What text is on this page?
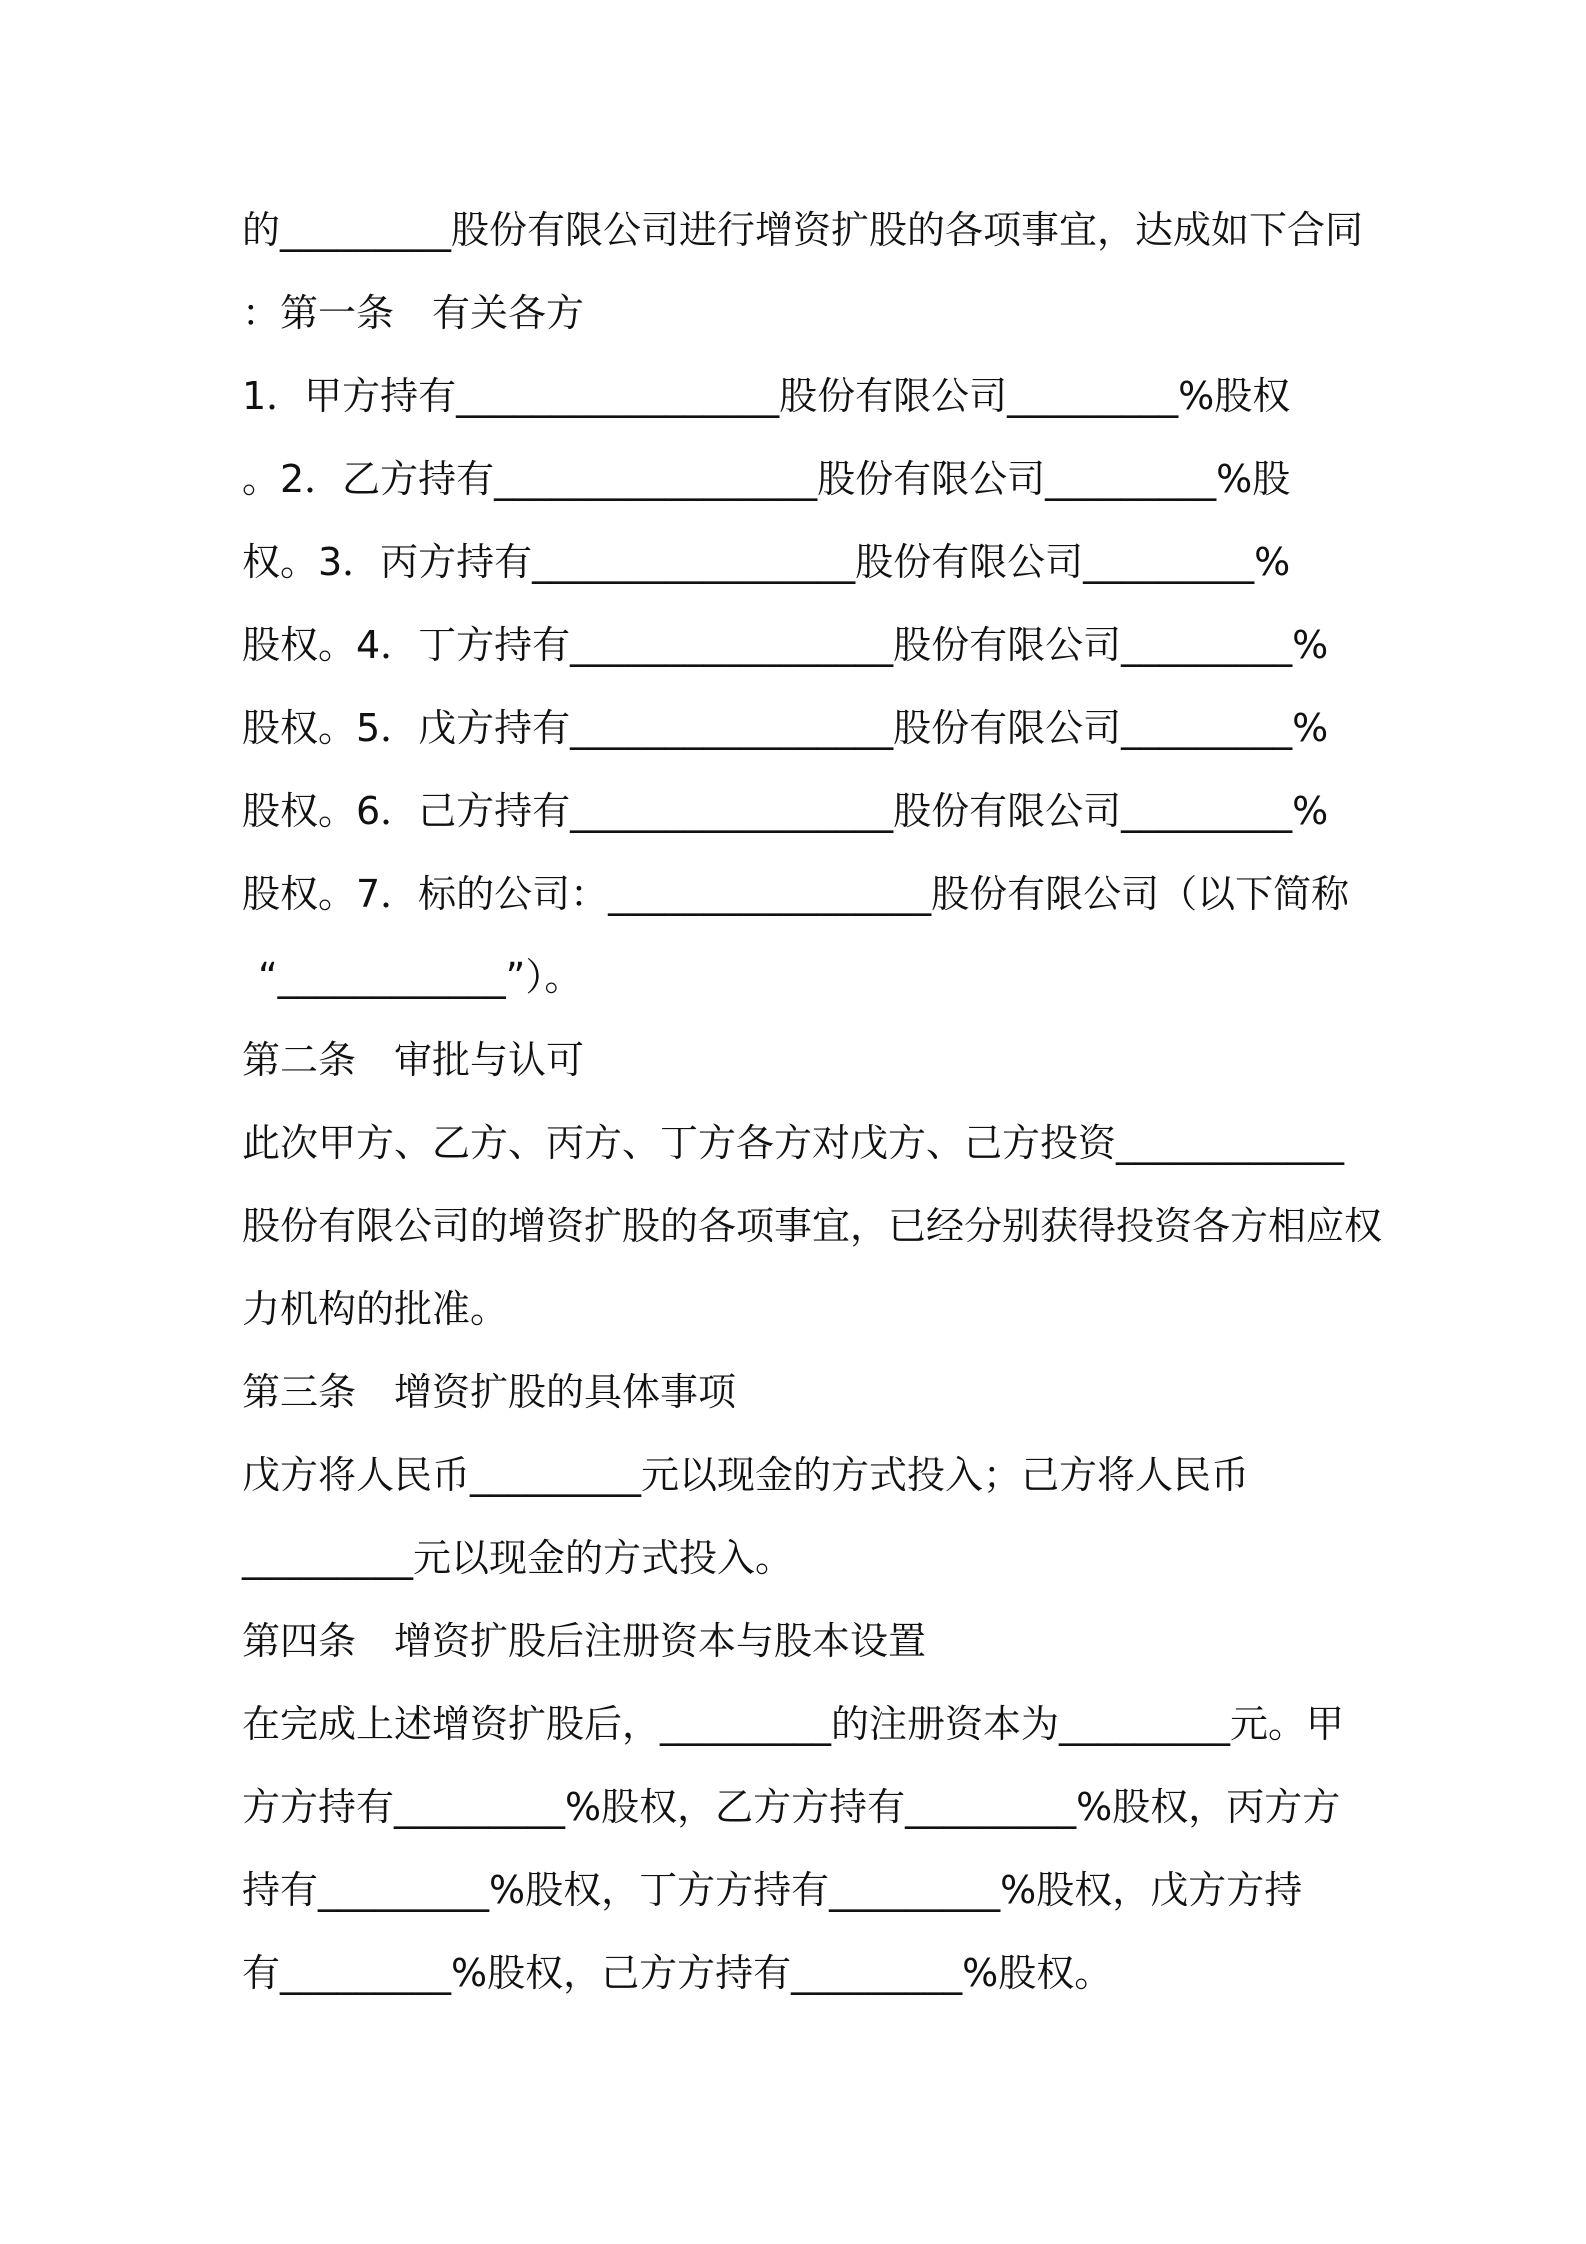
的_________股份有限公司进行增资扩股的各项事宜，达成如下合同
：第一条　有关各方
1．甲方持有_________________股份有限公司_________%股权
。2．乙方持有_________________股份有限公司_________%股
权。3．丙方持有_________________股份有限公司_________%
股权。4．丁方持有_________________股份有限公司_________%
股权。5．戊方持有_________________股份有限公司_________%
股权。6．己方持有_________________股份有限公司_________%
股权。7．标的公司：_________________股份有限公司（以下简称
“____________”）。
第二条　审批与认可
此次甲方、乙方、丙方、丁方各方对戊方、己方投资____________
股份有限公司的增资扩股的各项事宜，已经分别获得投资各方相应权
力机构的批准。
第三条　增资扩股的具体事项
戊方将人民币_________元以现金的方式投入；己方将人民币
_________元以现金的方式投入。
第四条　增资扩股后注册资本与股本设置
在完成上述增资扩股后，_________的注册资本为_________元。甲
方方持有_________%股权，乙方方持有_________%股权，丙方方
持有_________%股权，丁方方持有_________%股权，戊方方持
有_________%股权，己方方持有_________%股权。
